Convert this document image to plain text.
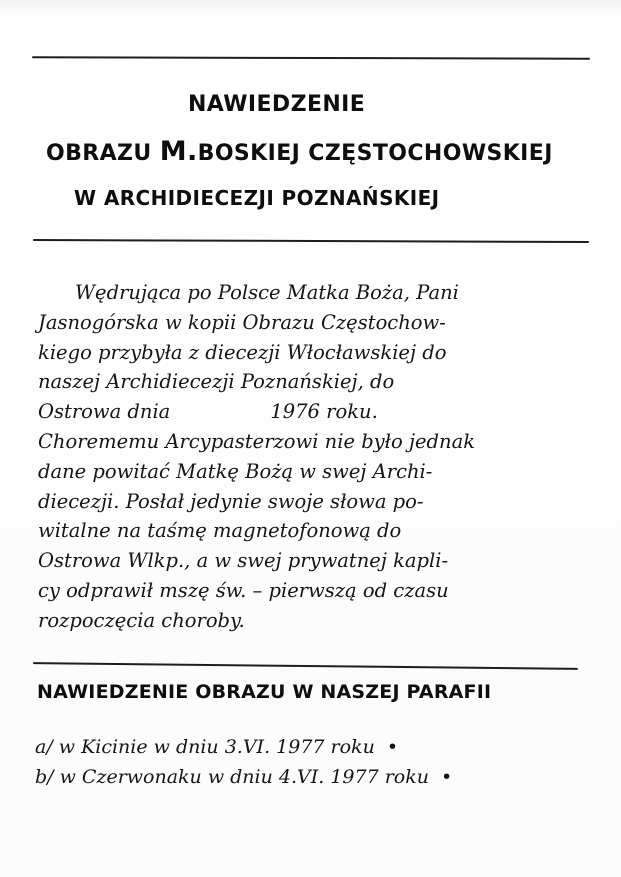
NAWIEDZENIE
OBRAZU M.BOSKIEJ CZĘSTOCHOWSKIEJ
W ARCHIDIECEZJI POZNAŃSKIEJ
Wędrująca po Polsce Matka Boża, Pani
Jasnogórska w kopii Obrazu Częstochow-
kiego przybyła z diecezji Włocławskiej do
naszej Archidiecezji Poznańskiej, do
Ostrowa dnia	1976 roku.
Chorememu Arcypasterzowi nie było jednak
dane powitać Matkę Bożą w swej Archi-
diecezji. Posłał jedynie swoje słowa po-
witalne na taśmę magnetofonową do
Ostrowa Wlkp., a w swej prywatnej kapli-
cy odprawił mszę św. – pierwszą od czasu
rozpoczęcia choroby.
NAWIEDZENIE OBRAZU W NASZEJ PARAFII
a/ w Kicinie w dniu 3.VI. 1977 roku •
b/ w Czerwonaku w dniu 4.VI. 1977 roku •
